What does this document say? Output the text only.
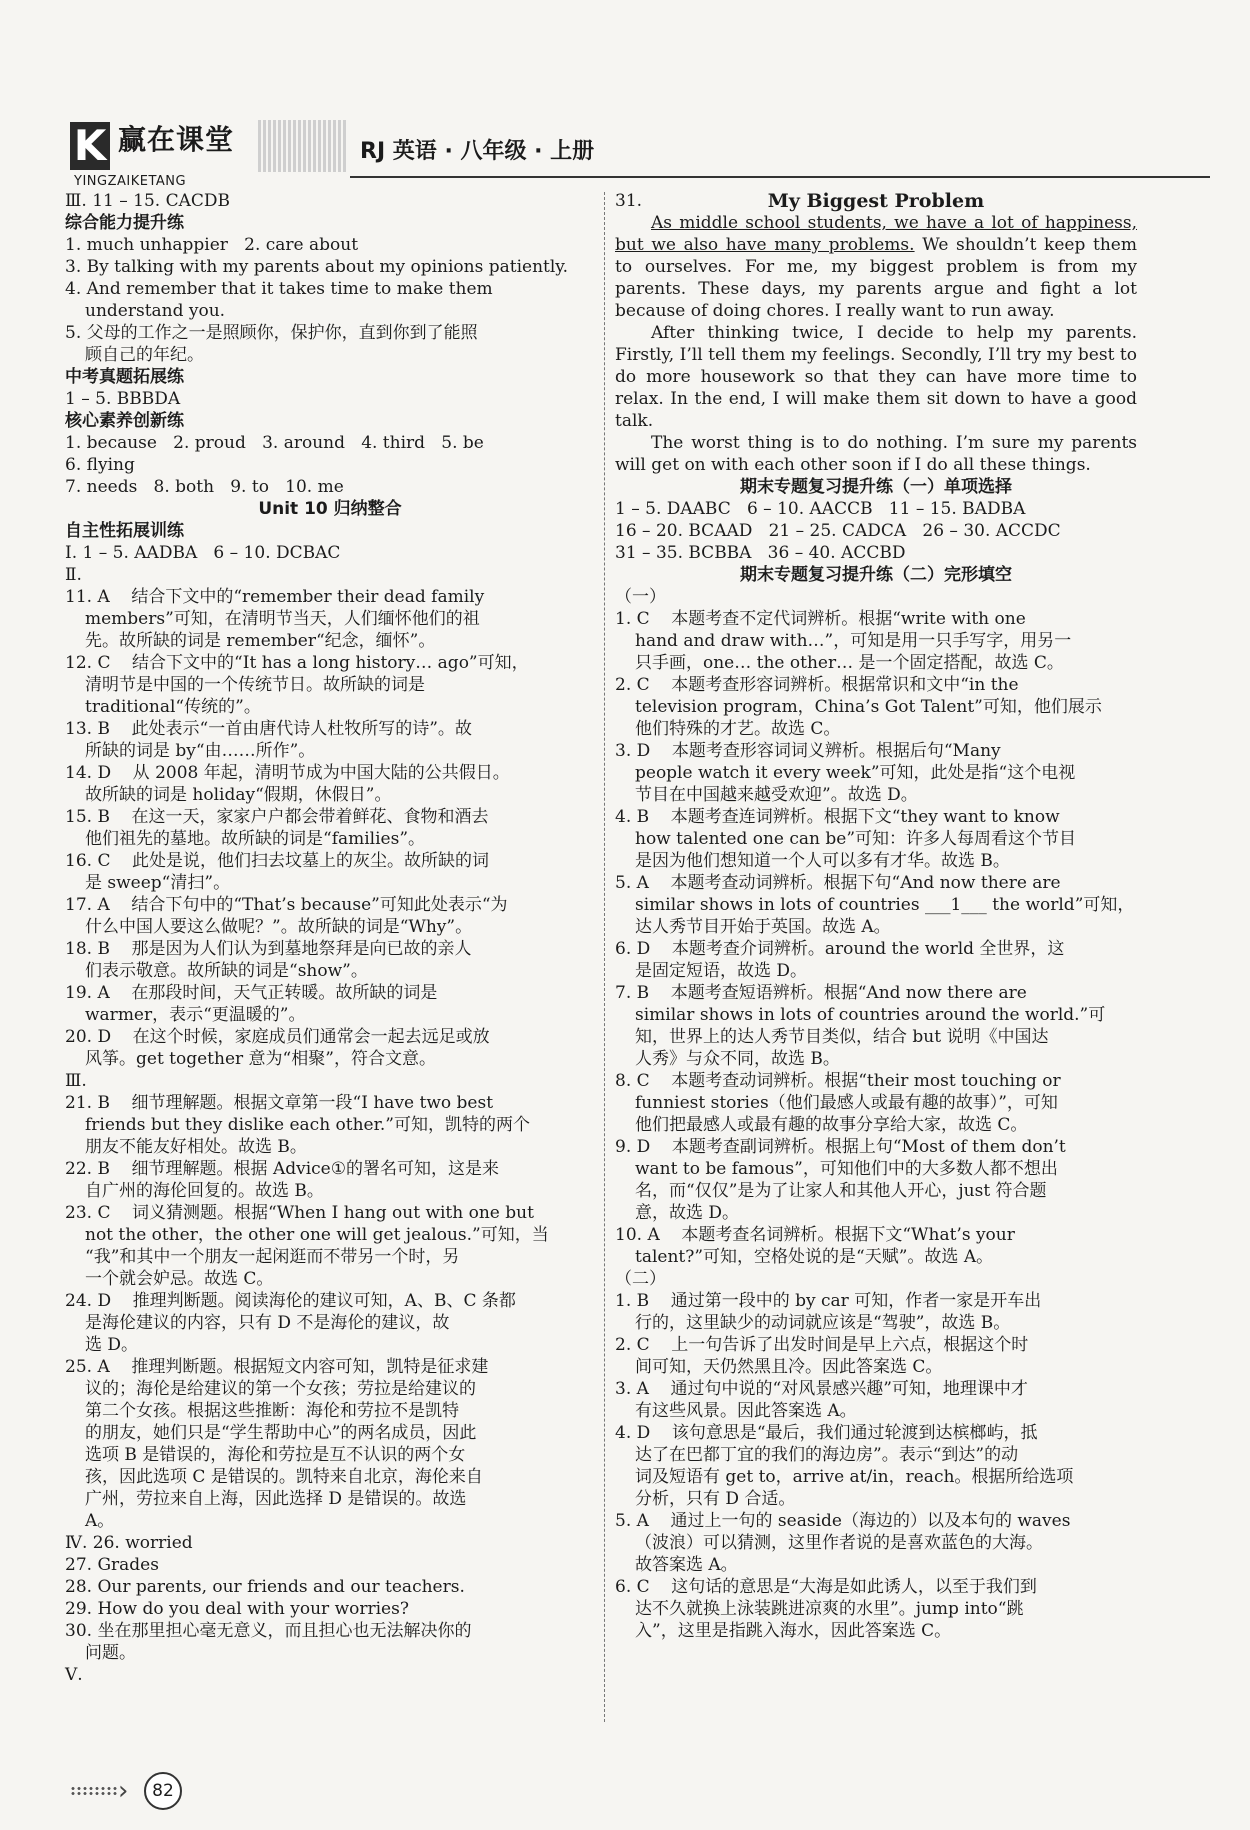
K 赢在课堂
YINGZAIKETANG
RJ 英语 · 八年级 · 上册
Ⅲ. 11 – 15. CACDB
综合能力提升练
1. much unhappier   2. care about
3. By talking with my parents about my opinions patiently.
4. And remember that it takes time to make them
understand you.
5. 父母的工作之一是照顾你，保护你，直到你到了能照
顾自己的年纪。
中考真题拓展练
1 – 5. BBBDA
核心素养创新练
1. because   2. proud   3. around   4. third   5. be
6. flying
7. needs   8. both   9. to   10. me
Unit 10 归纳整合
自主性拓展训练
Ⅰ. 1 – 5. AADBA   6 – 10. DCBAC
Ⅱ.
11. A    结合下文中的“remember their dead family
members”可知，在清明节当天，人们缅怀他们的祖
先。故所缺的词是 remember“纪念，缅怀”。
12. C    结合下文中的“It has a long history… ago”可知，
清明节是中国的一个传统节日。故所缺的词是
traditional“传统的”。
13. B    此处表示“一首由唐代诗人杜牧所写的诗”。故
所缺的词是 by“由……所作”。
14. D    从 2008 年起，清明节成为中国大陆的公共假日。
故所缺的词是 holiday“假期，休假日”。
15. B    在这一天，家家户户都会带着鲜花、食物和酒去
他们祖先的墓地。故所缺的词是“families”。
16. C    此处是说，他们扫去坟墓上的灰尘。故所缺的词
是 sweep“清扫”。
17. A    结合下句中的“That’s because”可知此处表示“为
什么中国人要这么做呢？”。故所缺的词是“Why”。
18. B    那是因为人们认为到墓地祭拜是向已故的亲人
们表示敬意。故所缺的词是“show”。
19. A    在那段时间，天气正转暖。故所缺的词是
warmer，表示“更温暖的”。
20. D    在这个时候，家庭成员们通常会一起去远足或放
风筝。get together 意为“相聚”，符合文意。
Ⅲ.
21. B    细节理解题。根据文章第一段“I have two best
friends but they dislike each other.”可知，凯特的两个
朋友不能友好相处。故选 B。
22. B    细节理解题。根据 Advice①的署名可知，这是来
自广州的海伦回复的。故选 B。
23. C    词义猜测题。根据“When I hang out with one but
not the other，the other one will get jealous.”可知，当
“我”和其中一个朋友一起闲逛而不带另一个时，另
一个就会妒忌。故选 C。
24. D    推理判断题。阅读海伦的建议可知，A、B、C 条都
是海伦建议的内容，只有 D 不是海伦的建议，故
选 D。
25. A    推理判断题。根据短文内容可知，凯特是征求建
议的；海伦是给建议的第一个女孩；劳拉是给建议的
第二个女孩。根据这些推断：海伦和劳拉不是凯特
的朋友，她们只是“学生帮助中心”的两名成员，因此
选项 B 是错误的，海伦和劳拉是互不认识的两个女
孩，因此选项 C 是错误的。凯特来自北京，海伦来自
广州，劳拉来自上海，因此选择 D 是错误的。故选
A。
Ⅳ. 26. worried
27. Grades
28. Our parents, our friends and our teachers.
29. How do you deal with your worries?
30. 坐在那里担心毫无意义，而且担心也无法解决你的
问题。
Ⅴ.
31.	My Biggest Problem
As middle school students, we have a lot of happiness, but we also have many problems. We shouldn’t keep them to ourselves. For me, my biggest problem is from my parents. These days, my parents argue and fight a lot because of doing chores. I really want to run away.
After thinking twice, I decide to help my parents. Firstly, I’ll tell them my feelings. Secondly, I’ll try my best to do more housework so that they can have more time to relax. In the end, I will make them sit down to have a good talk.
The worst thing is to do nothing. I’m sure my parents will get on with each other soon if I do all these things.
期末专题复习提升练（一）单项选择
1 – 5. DAABC   6 – 10. AACCB   11 – 15. BADBA
16 – 20. BCAAD   21 – 25. CADCA   26 – 30. ACCDC
31 – 35. BCBBA   36 – 40. ACCBD
期末专题复习提升练（二）完形填空
（一）
1. C    本题考查不定代词辨析。根据“write with one
hand and draw with…”，可知是用一只手写字，用另一
只手画，one… the other… 是一个固定搭配，故选 C。
2. C    本题考查形容词辨析。根据常识和文中“in the
television program，China’s Got Talent”可知，他们展示
他们特殊的才艺。故选 C。
3. D    本题考查形容词词义辨析。根据后句“Many
people watch it every week”可知，此处是指“这个电视
节目在中国越来越受欢迎”。故选 D。
4. B    本题考查连词辨析。根据下文“they want to know
how talented one can be”可知：许多人每周看这个节目
是因为他们想知道一个人可以多有才华。故选 B。
5. A    本题考查动词辨析。根据下句“And now there are
similar shows in lots of countries ___1___ the world”可知，
达人秀节目开始于英国。故选 A。
6. D    本题考查介词辨析。around the world 全世界，这
是固定短语，故选 D。
7. B    本题考查短语辨析。根据“And now there are
similar shows in lots of countries around the world.”可
知，世界上的达人秀节目类似，结合 but 说明《中国达
人秀》与众不同，故选 B。
8. C    本题考查动词辨析。根据“their most touching or
funniest stories（他们最感人或最有趣的故事）”，可知
他们把最感人或最有趣的故事分享给大家，故选 C。
9. D    本题考查副词辨析。根据上句“Most of them don’t
want to be famous”，可知他们中的大多数人都不想出
名，而“仅仅”是为了让家人和其他人开心，just 符合题
意，故选 D。
10. A    本题考查名词辨析。根据下文“What’s your
talent?”可知，空格处说的是“天赋”。故选 A。
（二）
1. B    通过第一段中的 by car 可知，作者一家是开车出
行的，这里缺少的动词就应该是“驾驶”，故选 B。
2. C    上一句告诉了出发时间是早上六点，根据这个时
间可知，天仍然黑且冷。因此答案选 C。
3. A    通过句中说的“对风景感兴趣”可知，地理课中才
有这些风景。因此答案选 A。
4. D    该句意思是“最后，我们通过轮渡到达槟榔屿，抵
达了在巴都丁宜的我们的海边房”。表示“到达”的动
词及短语有 get to，arrive at/in，reach。根据所给选项
分析，只有 D 合适。
5. A    通过上一句的 seaside（海边的）以及本句的 waves
（波浪）可以猜测，这里作者说的是喜欢蓝色的大海。
故答案选 A。
6. C    这句话的意思是“大海是如此诱人，以至于我们到
达不久就换上泳装跳进凉爽的水里”。jump into“跳
入”，这里是指跳入海水，因此答案选 C。
›	82
